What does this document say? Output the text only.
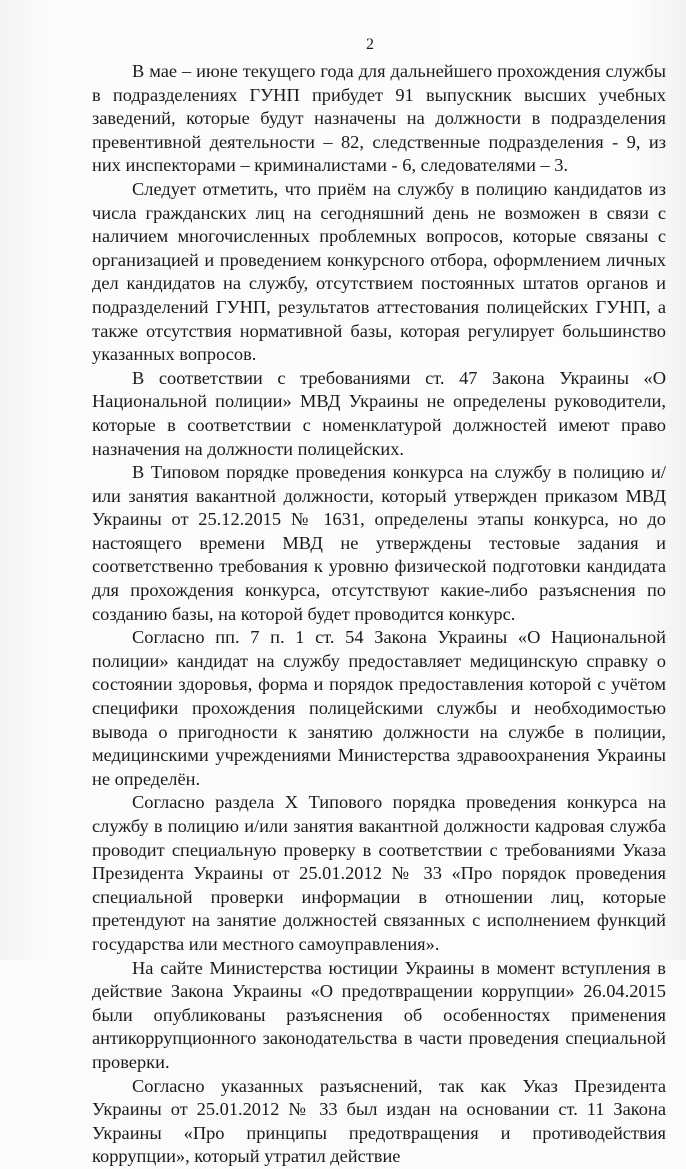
2

В мае – июне текущего года для дальнейшего прохождения службы в подразделениях ГУНП прибудет 91 выпускник высших учебных заведений, которые будут назначены на должности в подразделения превентивной деятельности – 82, следственные подразделения - 9, из них инспекторами – криминалистами - 6, следователями – 3.

Следует отметить, что приём на службу в полицию кандидатов из числа гражданских лиц на сегодняшний день не возможен в связи с наличием многочисленных проблемных вопросов, которые связаны с организацией и проведением конкурсного отбора, оформлением личных дел кандидатов на службу, отсутствием постоянных штатов органов и подразделений ГУНП, результатов аттестования полицейских ГУНП, а также отсутствия нормативной базы, которая регулирует большинство указанных вопросов.

В соответствии с требованиями ст. 47 Закона Украины «О Национальной полиции» МВД Украины не определены руководители, которые в соответствии с номенклатурой должностей имеют право назначения на должности полицейских.

В Типовом порядке проведения конкурса на службу в полицию и/или занятия вакантной должности, который утвержден приказом МВД Украины от 25.12.2015 № 1631, определены этапы конкурса, но до настоящего времени МВД не утверждены тестовые задания и соответственно требования к уровню физической подготовки кандидата для прохождения конкурса, отсутствуют какие-либо разъяснения по созданию базы, на которой будет проводится конкурс.

Согласно пп. 7 п. 1 ст. 54 Закона Украины «О Национальной полиции» кандидат на службу предоставляет медицинскую справку о состоянии здоровья, форма и порядок предоставления которой с учётом специфики прохождения полицейскими службы и необходимостью вывода о пригодности к занятию должности на службе в полиции, медицинскими учреждениями Министерства здравоохранения Украины не определён.

Согласно раздела Х Типового порядка проведения конкурса на службу в полицию и/или занятия вакантной должности кадровая служба проводит специальную проверку в соответствии с требованиями Указа Президента Украины от 25.01.2012 № 33 «Про порядок проведения специальной проверки информации в отношении лиц, которые претендуют на занятие должностей связанных с исполнением функций государства или местного самоуправления».

На сайте Министерства юстиции Украины в момент вступления в действие Закона Украины «О предотвращении коррупции» 26.04.2015 были опубликованы разъяснения об особенностях применения антикоррупционного законодательства в части проведения специальной проверки.

Согласно указанных разъяснений, так как Указ Президента Украины от 25.01.2012 № 33 был издан на основании ст. 11 Закона Украины «Про принципы предотвращения и противодействия коррупции», который утратил действие
